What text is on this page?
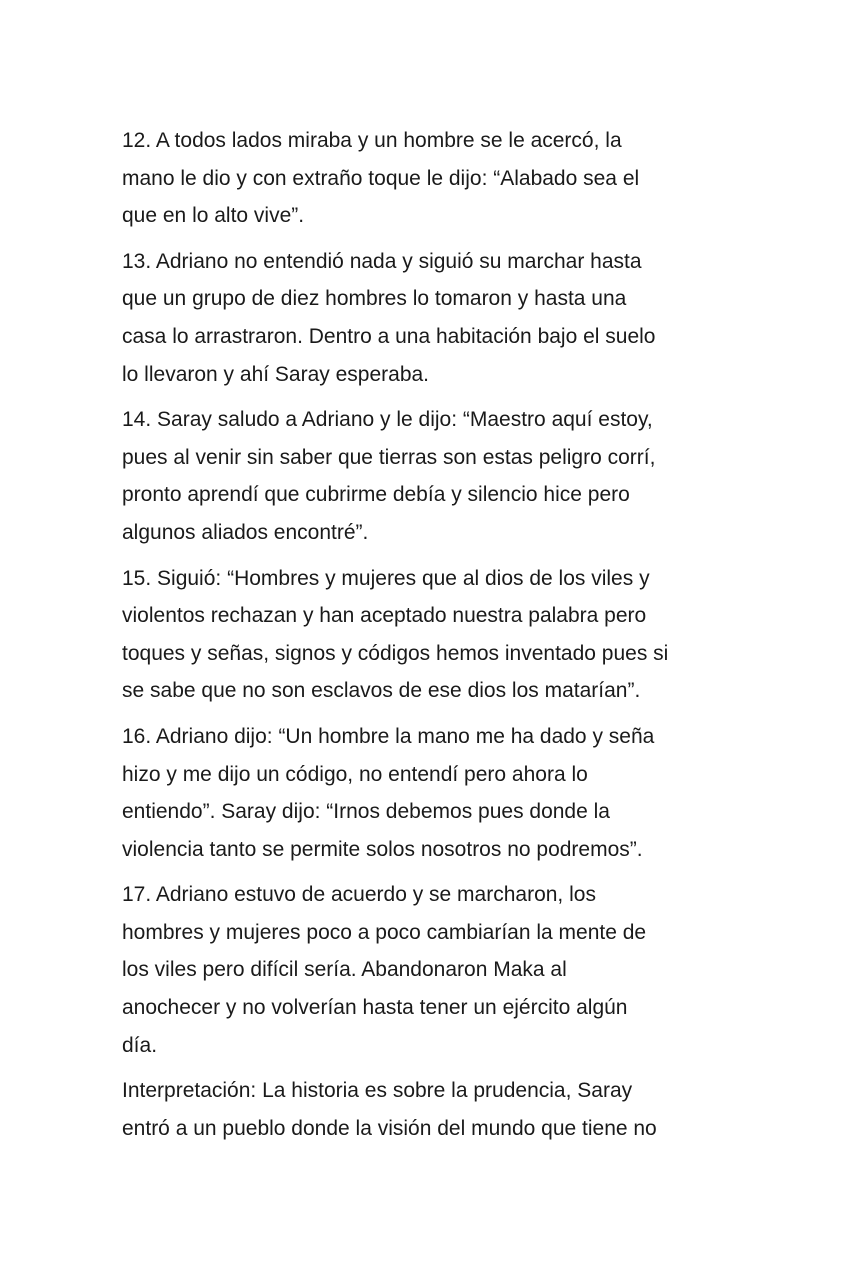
12. A todos lados miraba y un hombre se le acercó, la
mano le dio y con extraño toque le dijo: “Alabado sea el
que en lo alto vive”.

13. Adriano no entendió nada y siguió su marchar hasta
que un grupo de diez hombres lo tomaron y hasta una
casa lo arrastraron. Dentro a una habitación bajo el suelo
lo llevaron y ahí Saray esperaba.

14. Saray saludo a Adriano y le dijo: “Maestro aquí estoy,
pues al venir sin saber que tierras son estas peligro corrí,
pronto aprendí que cubrirme debía y silencio hice pero
algunos aliados encontré”.

15. Siguió: “Hombres y mujeres que al dios de los viles y
violentos rechazan y han aceptado nuestra palabra pero
toques y señas, signos y códigos hemos inventado pues si
se sabe que no son esclavos de ese dios los matarían”.

16. Adriano dijo: “Un hombre la mano me ha dado y seña
hizo y me dijo un código, no entendí pero ahora lo
entiendo”. Saray dijo: “Irnos debemos pues donde la
violencia tanto se permite solos nosotros no podremos”.

17. Adriano estuvo de acuerdo y se marcharon, los
hombres y mujeres poco a poco cambiarían la mente de
los viles pero difícil sería. Abandonaron Maka al
anochecer y no volverían hasta tener un ejército algún
día.

Interpretación: La historia es sobre la prudencia, Saray
entró a un pueblo donde la visión del mundo que tiene no
